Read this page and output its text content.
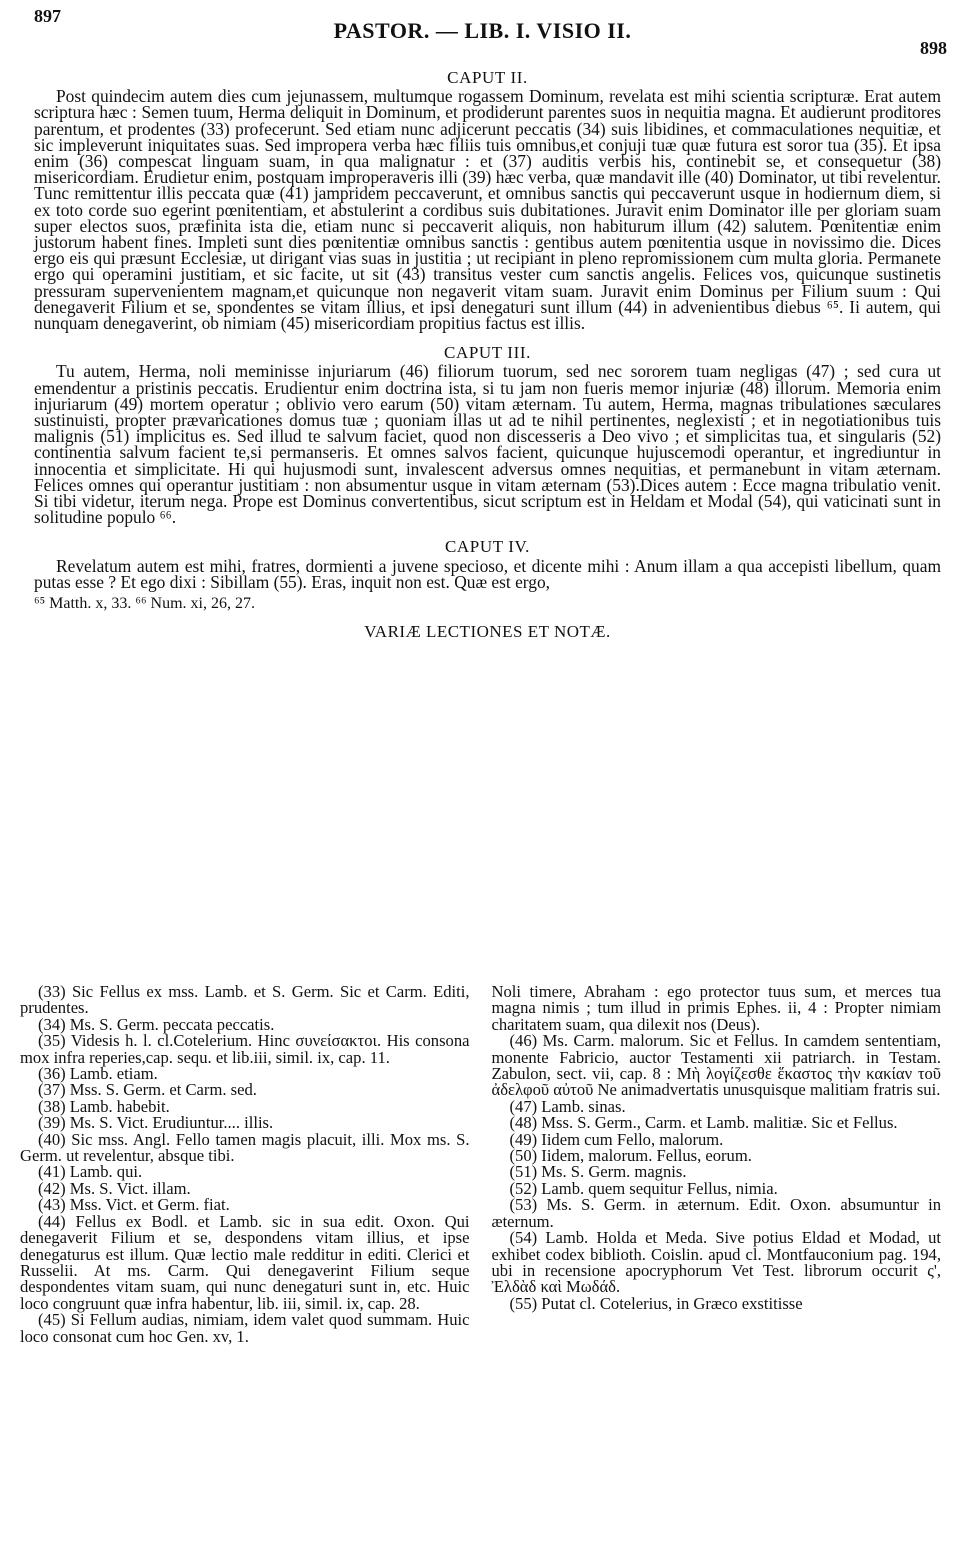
897
PASTOR. — LIB. I. VISIO II.
898
CAPUT II.

Post quindecim autem dies cum jejunassem, multumque rogassem Dominum, revelata est mihi scientia scripturæ. Erat autem scriptura hæc : Semen tuum, Herma deliquit in Dominum, et prodiderunt parentes suos in nequitia magna. Et audierunt proditores parentum, et prodentes (33) profecerunt. Sed etiam nunc adjicerunt peccatis (34) suis libidines, et commaculationes nequitiæ, et sic impleverunt iniquitates suas. Sed impropera verba hæc filiis tuis omnibus,et conjuji tuæ quæ futura est soror tua (35). Et ipsa enim (36) compescat linguam suam, in qua malignatur : et (37) auditis verbis his, continebit se, et consequetur (38) misericordiam. Erudietur enim, postquam improperaveris illi (39) hæc verba, quæ mandavit ille (40) Dominator, ut tibi revelentur. Tunc remittentur illis peccata quæ (41) jampridem peccaverunt, et omnibus sanctis qui peccaverunt usque in hodiernum diem, si ex toto corde suo egerint pœnitentiam, et abstulerint a cordibus suis dubitationes. Juravit enim Dominator ille per gloriam suam super electos suos, præfinita ista die, etiam nunc si peccaverit aliquis, non habiturum illum (42) salutem. Pœnitentiæ enim justorum habent fines. Impleti sunt dies pœnitentiæ omnibus sanctis : gentibus autem pœnitentia usque in novissimo die. Dices ergo eis qui præsunt Ecclesiæ, ut dirigant vias suas in justitia ; ut recipiant in pleno repromissionem cum multa gloria. Permanete ergo qui operamini justitiam, et sic facite, ut sit (43) transitus vester cum sanctis angelis. Felices vos, quicunque sustinetis pressuram supervenientem magnam,et quicunque non negaverit vitam suam. Juravit enim Dominus per Filium suum : Qui denegaverit Filium et se, spondentes se vitam illius, et ipsi denegaturi sunt illum (44) in advenientibus diebus ⁶⁵. Ii autem, qui nunquam denegaverint, ob nimiam (45) misericordiam propitius factus est illis.

CAPUT III.

Tu autem, Herma, noli meminisse injuriarum (46) filiorum tuorum, sed nec sororem tuam negligas (47) ; sed cura ut emendentur a pristinis peccatis. Erudientur enim doctrina ista, si tu jam non fueris memor injuriæ (48) illorum. Memoria enim injuriarum (49) mortem operatur ; oblivio vero earum (50) vitam æternam. Tu autem, Herma, magnas tribulationes sæculares sustinuisti, propter prævaricationes domus tuæ ; quoniam illas ut ad te nihil pertinentes, neglexisti ; et in negotiationibus tuis malignis (51) implicitus es. Sed illud te salvum faciet, quod non discesseris a Deo vivo ; et simplicitas tua, et singularis (52) continentia salvum facient te,si permanseris. Et omnes salvos facient, quicunque hujuscemodi operantur, et ingrediuntur in innocentia et simplicitate. Hi qui hujusmodi sunt, invalescent adversus omnes nequitias, et permanebunt in vitam æternam. Felices omnes qui operantur justitiam : non absumentur usque in vitam æternam (53).Dices autem : Ecce magna tribulatio venit. Si tibi videtur, iterum nega. Prope est Dominus convertentibus, sicut scriptum est in Heldam et Modal (54), qui vaticinati sunt in solitudine populo ⁶⁶.

CAPUT IV.

Revelatum autem est mihi, fratres, dormienti a juvene specioso, et dicente mihi : Anum illam a qua accepisti libellum, quam putas esse ? Et ego dixi : Sibillam (55). Eras, inquit non est. Quæ est ergo,

⁶⁵ Matth. x, 33. ⁶⁶ Num. xi, 26, 27.
VARIÆ LECTIONES ET NOTÆ.

(33) Sic Fellus ex mss. Lamb. et S. Germ. Sic et Carm. Editi, prudentes.

(34) Ms. S. Germ. peccata peccatis.

(35) Videsis h. l. cl.Cotelerium. Hinc συνείσακτοι. His consona mox infra reperies,cap. sequ. et lib.iii, simil. ix, cap. 11.

(36) Lamb. etiam.

(37) Mss. S. Germ. et Carm. sed.

(38) Lamb. habebit.

(39) Ms. S. Vict. Erudiuntur.... illis.

(40) Sic mss. Angl. Fello tamen magis placuit, illi. Mox ms. S. Germ. ut revelentur, absque tibi.

(41) Lamb. qui.

(42) Ms. S. Vict. illam.

(43) Mss. Vict. et Germ. fiat.

(44) Fellus ex Bodl. et Lamb. sic in sua edit. Oxon. Qui denegaverit Filium et se, despondens vitam illius, et ipse denegaturus est illum. Quæ lectio male redditur in editi. Clerici et Russelii. At ms. Carm. Qui denegaverint Filium seque despondentes vitam suam, qui nunc denegaturi sunt in, etc. Huic loco congruunt quæ infra habentur, lib. iii, simil. ix, cap. 28.

(45) Si Fellum audias, nimiam, idem valet quod summam. Huic loco consonat cum hoc Gen. xv, 1.

Noli timere, Abraham : ego protector tuus sum, et merces tua magna nimis ; tum illud in primis Ephes. ii, 4 : Propter nimiam charitatem suam, qua dilexit nos (Deus).

(46) Ms. Carm. malorum. Sic et Fellus. In camdem sententiam, monente Fabricio, auctor Testamenti xii patriarch. in Testam. Zabulon, sect. vii, cap. 8 : Μὴ λογίζεσθε ἕκαστος τὴν κακίαν τοῦ ἀδελφοῦ αὐτοῦ Ne animadvertatis unusquisque malitiam fratris sui.

(47) Lamb. sinas.

(48) Mss. S. Germ., Carm. et Lamb. malitiæ. Sic et Fellus.

(49) Iidem cum Fello, malorum.

(50) Iidem, malorum. Fellus, eorum.

(51) Ms. S. Germ. magnis.

(52) Lamb. quem sequitur Fellus, nimia.

(53) Ms. S. Germ. in æternum. Edit. Oxon. absumuntur in æternum.

(54) Lamb. Holda et Meda. Sive potius Eldad et Modad, ut exhibet codex biblioth. Coislin. apud cl. Montfauconium pag. 194, ubi in recensione apocryphorum Vet Test. librorum occurit ς', Ἐλδὰδ καὶ Μωδάδ.

(55) Putat cl. Cotelerius, in Græco exstitisse
